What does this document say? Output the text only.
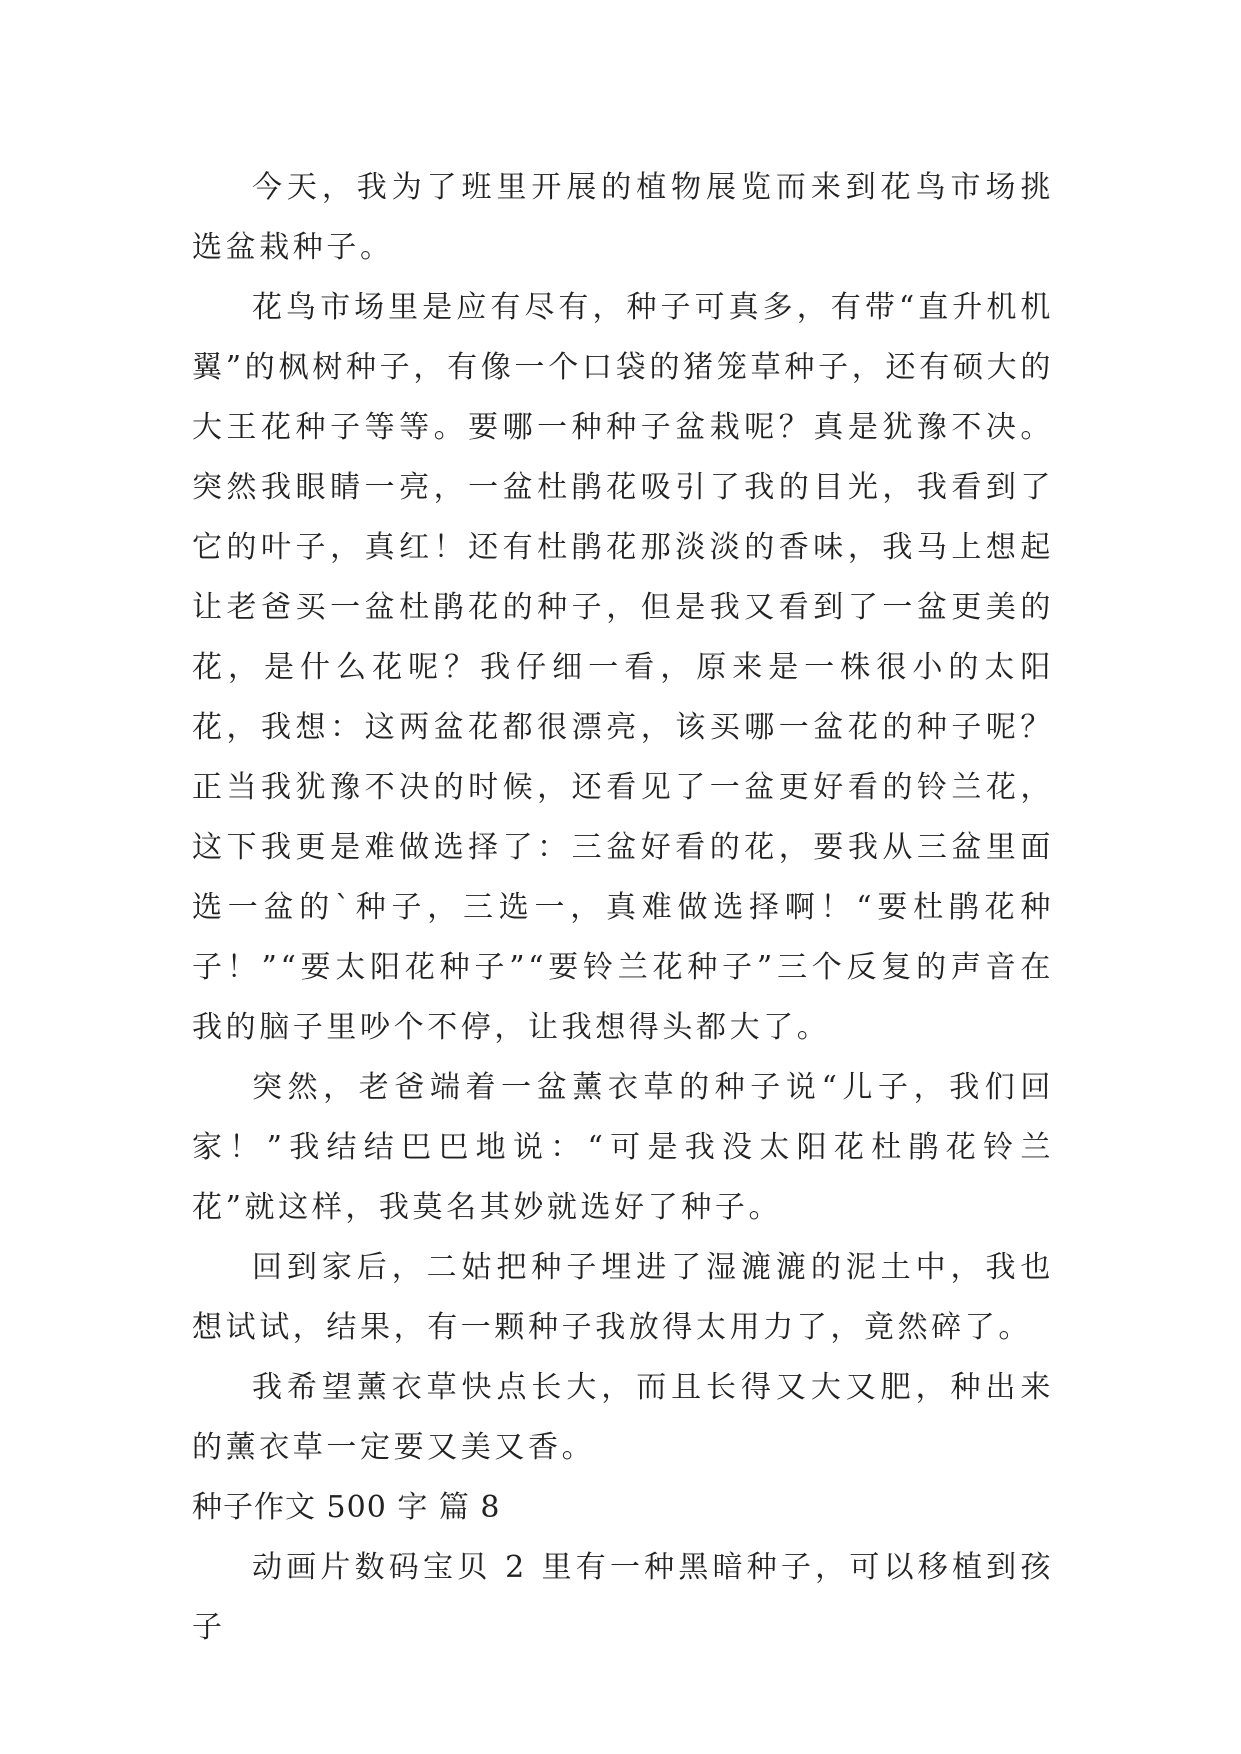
今天，我为了班里开展的植物展览而来到花鸟市场挑选盆栽种子。

花鸟市场里是应有尽有，种子可真多，有带“直升机机翼”的枫树种子，有像一个口袋的猪笼草种子，还有硕大的大王花种子等等。要哪一种种子盆栽呢？真是犹豫不决。突然我眼睛一亮，一盆杜鹃花吸引了我的目光，我看到了它的叶子，真红！还有杜鹃花那淡淡的香味，我马上想起让老爸买一盆杜鹃花的种子，但是我又看到了一盆更美的花，是什么花呢？我仔细一看，原来是一株很小的太阳花，我想：这两盆花都很漂亮，该买哪一盆花的种子呢？正当我犹豫不决的时候，还看见了一盆更好看的铃兰花，这下我更是难做选择了：三盆好看的花，要我从三盆里面选一盆的`种子，三选一，真难做选择啊！“要杜鹃花种子！”“要太阳花种子”“要铃兰花种子”三个反复的声音在我的脑子里吵个不停，让我想得头都大了。

突然，老爸端着一盆薰衣草的种子说“儿子，我们回家！”我结结巴巴地说：“可是我没太阳花杜鹃花铃兰花”就这样，我莫名其妙就选好了种子。

回到家后，二姑把种子埋进了湿漉漉的泥土中，我也想试试，结果，有一颗种子我放得太用力了，竟然碎了。

我希望薰衣草快点长大，而且长得又大又肥，种出来的薰衣草一定要又美又香。

种子作文 500 字 篇 8

动画片数码宝贝 2 里有一种黑暗种子，可以移植到孩子
